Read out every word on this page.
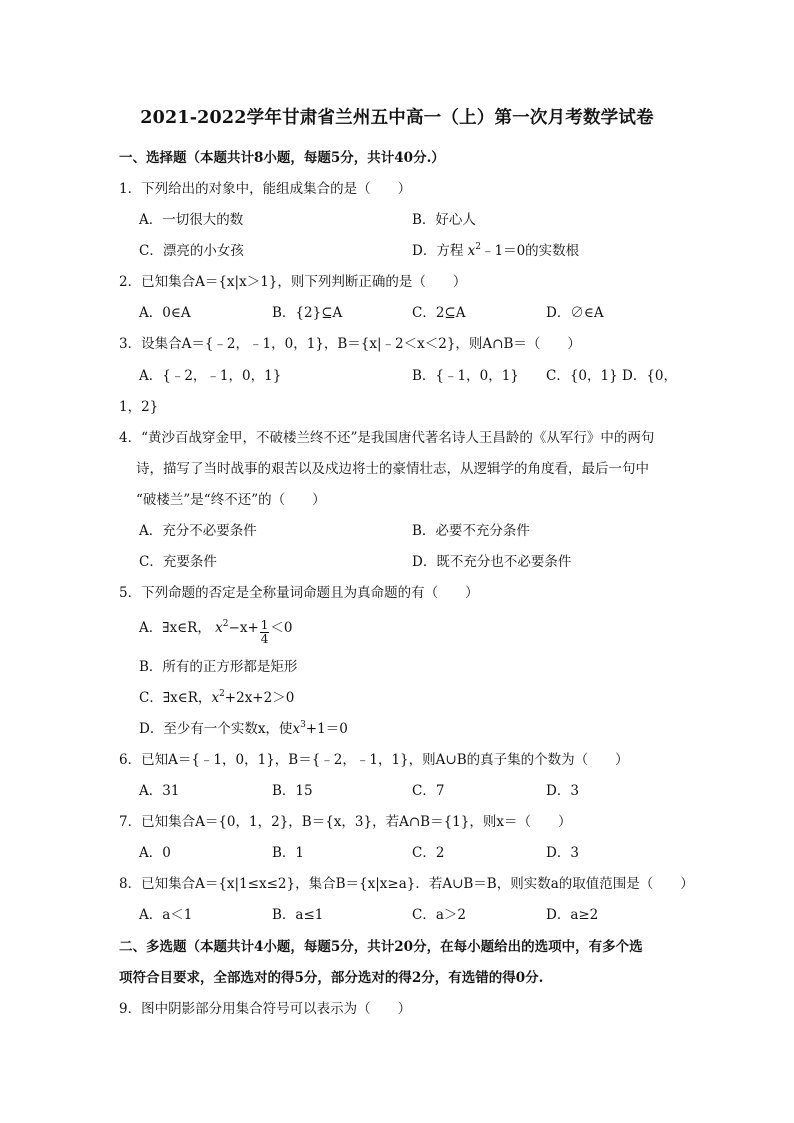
2021-2022学年甘肃省兰州五中高一（上）第一次月考数学试卷
一、选择题（本题共计8小题，每题5分，共计40分.）
1．下列给出的对象中，能组成集合的是（　　）
A．一切很大的数	B．好心人
C．漂亮的小女孩	D．方程 $x^2﹣1=0$的实数根
2．已知集合A＝{x|x＞1}，则下列判断正确的是（　　）
A．0∈A	B．{2}⊆A	C．2⊆A	D．∅∈A
3．设集合A＝{﹣2，﹣1，0，1}，B＝{x|﹣2＜x＜2}，则A∩B＝（　　）
A．{﹣2，﹣1，0，1}	B．{﹣1，0，1} C．{0，1} D．{0，
1，2}
4．“黄沙百战穿金甲，不破楼兰终不还”是我国唐代著名诗人王昌龄的《从军行》中的两句
诗，描写了当时战事的艰苦以及戍边将士的豪情壮志，从逻辑学的角度看，最后一句中
“破楼兰”是“终不还”的（　　）
A．充分不必要条件	B．必要不充分条件
C．充要条件	D．既不充分也不必要条件
5．下列命题的否定是全称量词命题且为真命题的有（　　）
A．∃x∈R， $x^2-x+ \frac{1}{4} <0$
B．所有的正方形都是矩形
C．∃x∈R，$x^2+2x+2>0$
D．至少有一个实数x，使$x^3+1=0$
6．已知A＝{﹣1，0，1}，B＝{﹣2，﹣1，1}，则A∪B的真子集的个数为（　　）
A．31	B．15	C．7	D．3
7．已知集合A＝{0，1，2}，B＝{x，3}，若A∩B＝{1}，则x＝（　　）
A．0	B．1	C．2	D．3
8．已知集合A＝{x|1≤x≤2}，集合B＝{x|x≥a}．若A∪B＝B，则实数a的取值范围是（　　）
A．a＜1	B．a≤1	C．a＞2	D．a≥2
二、多选题（本题共计4小题，每题5分，共计20分，在每小题给出的选项中，有多个选
项符合目要求，全部选对的得5分，部分选对的得2分，有选错的得0分.
9．图中阴影部分用集合符号可以表示为（　　）
